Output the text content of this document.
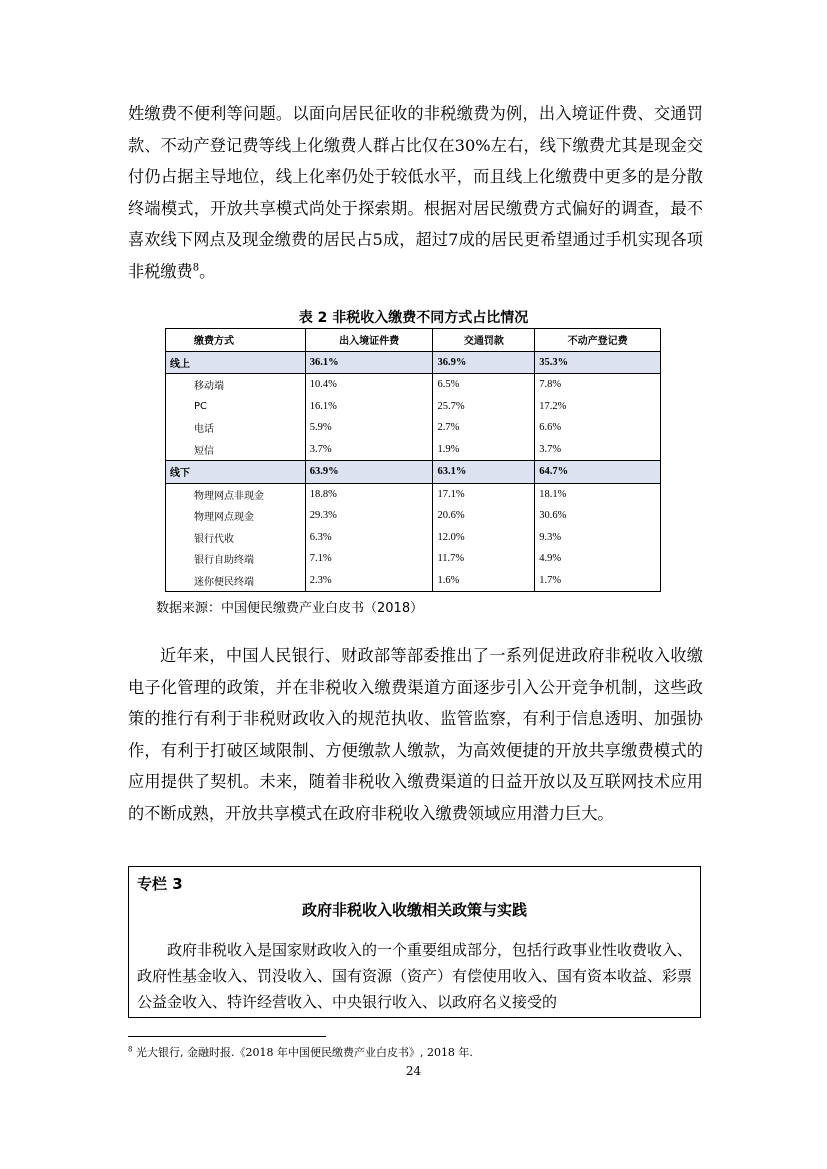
姓缴费不便利等问题。以面向居民征收的非税缴费为例，出入境证件费、交通罚款、不动产登记费等线上化缴费人群占比仅在30%左右，线下缴费尤其是现金交付仍占据主导地位，线上化率仍处于较低水平，而且线上化缴费中更多的是分散终端模式，开放共享模式尚处于探索期。根据对居民缴费方式偏好的调查，最不喜欢线下网点及现金缴费的居民占5成，超过7成的居民更希望通过手机实现各项非税缴费$^8$。

表 2 非税收入缴费不同方式占比情况
缴费方式	出入境证件费	交通罚款	不动产登记费
线上	36.1%	36.9%	35.3%
移动端	10.4%	6.5%	7.8%
PC	16.1%	25.7%	17.2%
电话	5.9%	2.7%	6.6%
短信	3.7%	1.9%	3.7%
线下	63.9%	63.1%	64.7%
物理网点非现金	18.8%	17.1%	18.1%
物理网点现金	29.3%	20.6%	30.6%
银行代收	6.3%	12.0%	9.3%
银行自助终端	7.1%	11.7%	4.9%
迷你便民终端	2.3%	1.6%	1.7%
数据来源：中国便民缴费产业白皮书（2018）

近年来，中国人民银行、财政部等部委推出了一系列促进政府非税收入收缴电子化管理的政策，并在非税收入缴费渠道方面逐步引入公开竞争机制，这些政策的推行有利于非税财政收入的规范执收、监管监察，有利于信息透明、加强协作，有利于打破区域限制、方便缴款人缴款，为高效便捷的开放共享缴费模式的应用提供了契机。未来，随着非税收入缴费渠道的日益开放以及互联网技术应用的不断成熟，开放共享模式在政府非税收入缴费领域应用潜力巨大。

专栏 3
政府非税收入收缴相关政策与实践

政府非税收入是国家财政收入的一个重要组成部分，包括行政事业性收费收入、政府性基金收入、罚没收入、国有资源（资产）有偿使用收入、国有资本收益、彩票公益金收入、特许经营收入、中央银行收入、以政府名义接受的

$^8$ 光大银行, 金融时报.《2018 年中国便民缴费产业白皮书》, 2018 年.
24
